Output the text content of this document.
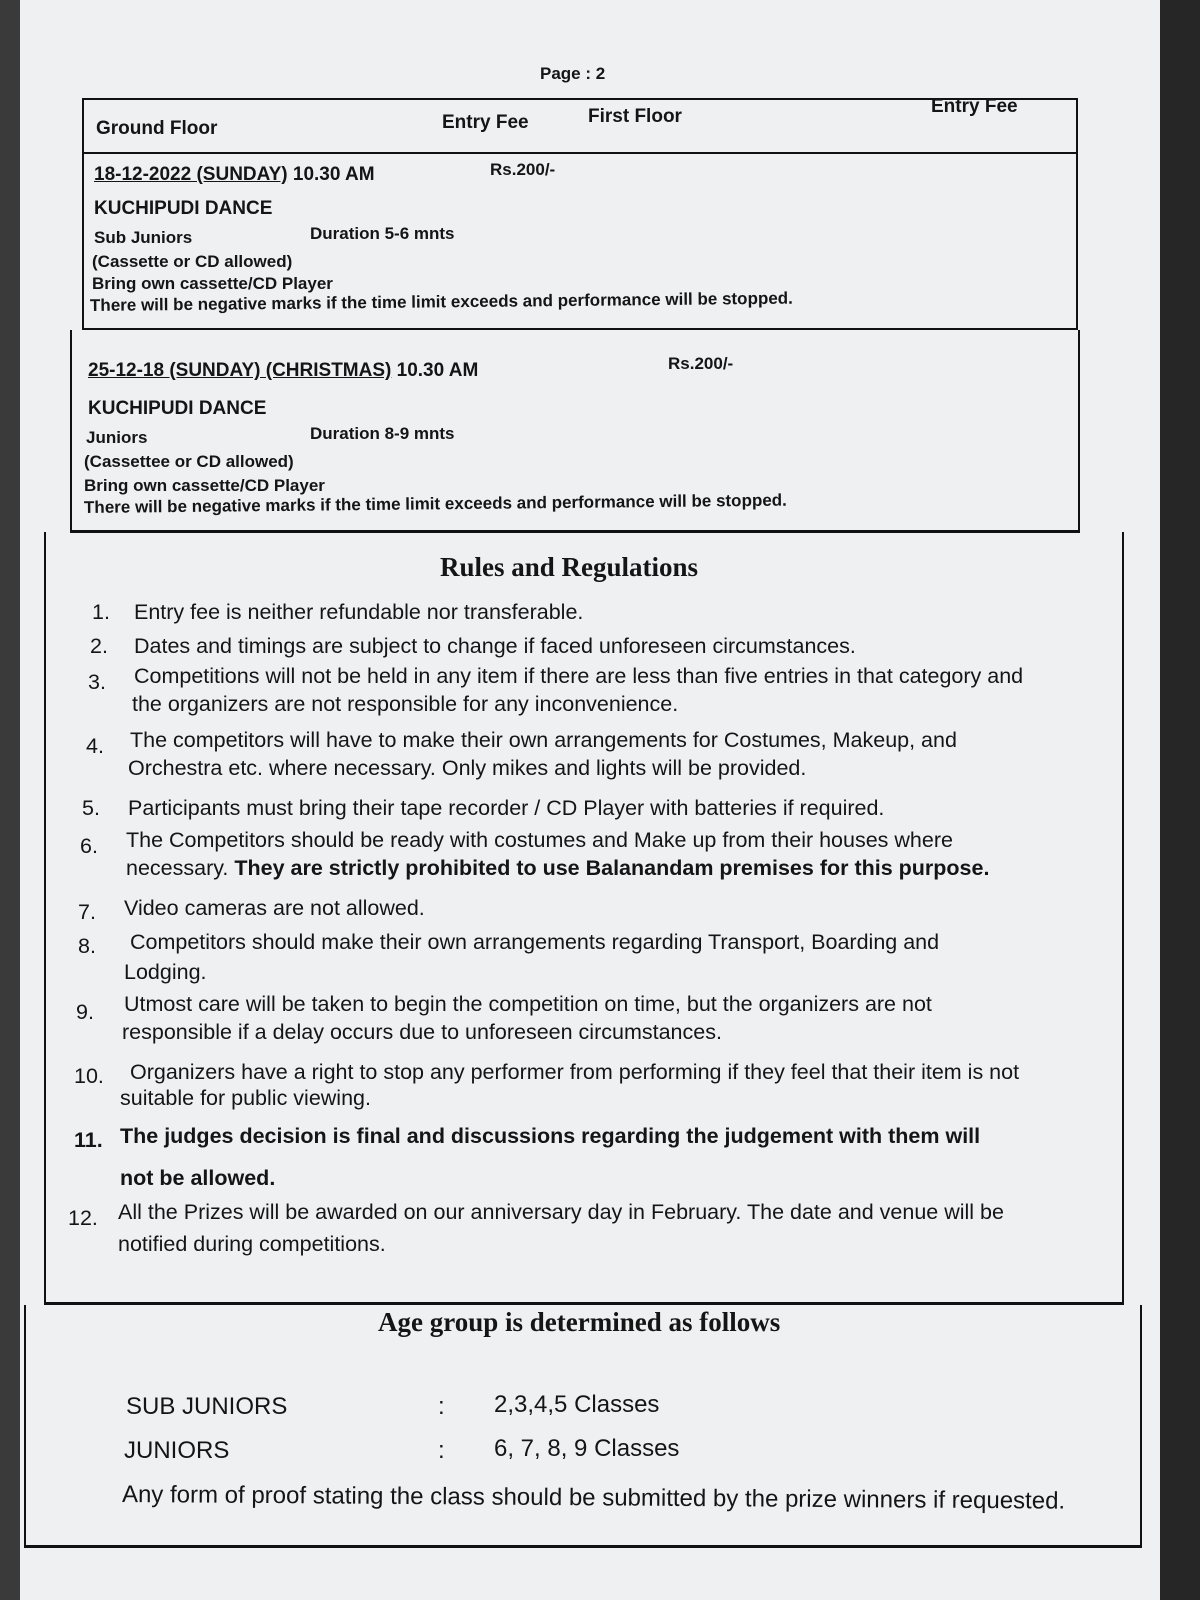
Page : 2
Ground Floor	Entry Fee	First Floor	Entry Fee
18-12-2022 (SUNDAY) 10.30 AM	Rs.200/-
KUCHIPUDI DANCE
Sub Juniors	Duration 5-6 mnts
(Cassette or CD allowed)
Bring own cassette/CD Player
There will be negative marks if the time limit exceeds and performance will be stopped.
25-12-18 (SUNDAY) (CHRISTMAS) 10.30 AM	Rs.200/-
KUCHIPUDI DANCE
Juniors	Duration 8-9 mnts
(Cassettee or CD allowed)
Bring own cassette/CD Player
There will be negative marks if the time limit exceeds and performance will be stopped.
Rules and Regulations
1. Entry fee is neither refundable nor transferable.
2. Dates and timings are subject to change if faced unforeseen circumstances.
3. Competitions will not be held in any item if there are less than five entries in that category and
the organizers are not responsible for any inconvenience.
4. The competitors will have to make their own arrangements for Costumes, Makeup, and
Orchestra etc. where necessary. Only mikes and lights will be provided.
5. Participants must bring their tape recorder / CD Player with batteries if required.
6. The Competitors should be ready with costumes and Make up from their houses where
necessary. They are strictly prohibited to use Balanandam premises for this purpose.
7. Video cameras are not allowed.
8. Competitors should make their own arrangements regarding Transport, Boarding and
Lodging.
9. Utmost care will be taken to begin the competition on time, but the organizers are not
responsible if a delay occurs due to unforeseen circumstances.
10. Organizers have a right to stop any performer from performing if they feel that their item is not
suitable for public viewing.
11. The judges decision is final and discussions regarding the judgement with them will
not be allowed.
12. All the Prizes will be awarded on our anniversary day in February. The date and venue will be
notified during competitions.
Age group is determined as follows
SUB JUNIORS	: 2,3,4,5 Classes
JUNIORS	: 6, 7, 8, 9 Classes
Any form of proof stating the class should be submitted by the prize winners if requested.
